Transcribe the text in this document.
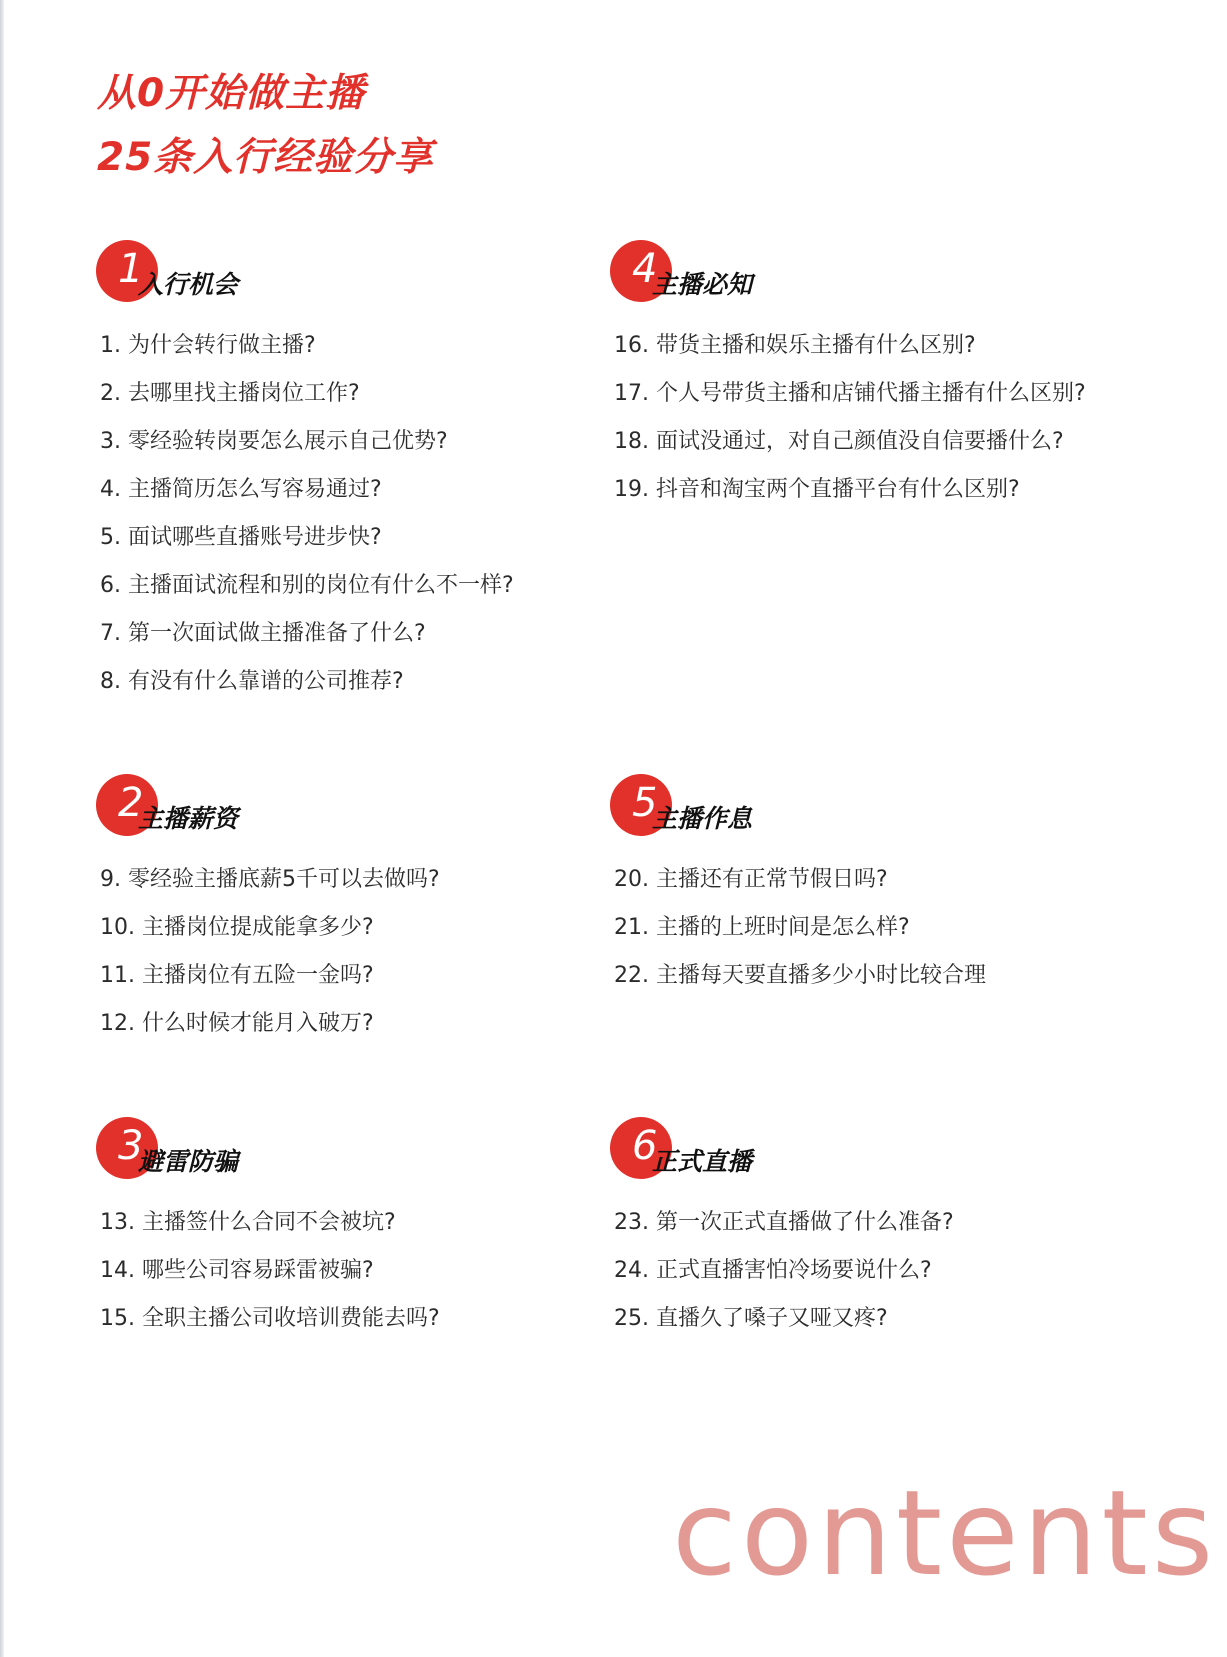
从0开始做主播
25条入行经验分享
1
入行机会
1. 为什会转行做主播?
2. 去哪里找主播岗位工作?
3. 零经验转岗要怎么展示自己优势?
4. 主播简历怎么写容易通过?
5. 面试哪些直播账号进步快?
6. 主播面试流程和别的岗位有什么不一样?
7. 第一次面试做主播准备了什么?
8. 有没有什么靠谱的公司推荐?
2
主播薪资
9. 零经验主播底薪5千可以去做吗?
10. 主播岗位提成能拿多少?
11. 主播岗位有五险一金吗?
12. 什么时候才能月入破万?
3
避雷防骗
13. 主播签什么合同不会被坑?
14. 哪些公司容易踩雷被骗?
15. 全职主播公司收培训费能去吗?
4
主播必知
16. 带货主播和娱乐主播有什么区别?
17. 个人号带货主播和店铺代播主播有什么区别?
18. 面试没通过，对自己颜值没自信要播什么?
19. 抖音和淘宝两个直播平台有什么区别?
5
主播作息
20. 主播还有正常节假日吗?
21. 主播的上班时间是怎么样?
22. 主播每天要直播多少小时比较合理
6
正式直播
23. 第一次正式直播做了什么准备?
24. 正式直播害怕冷场要说什么?
25. 直播久了嗓子又哑又疼?
contents
